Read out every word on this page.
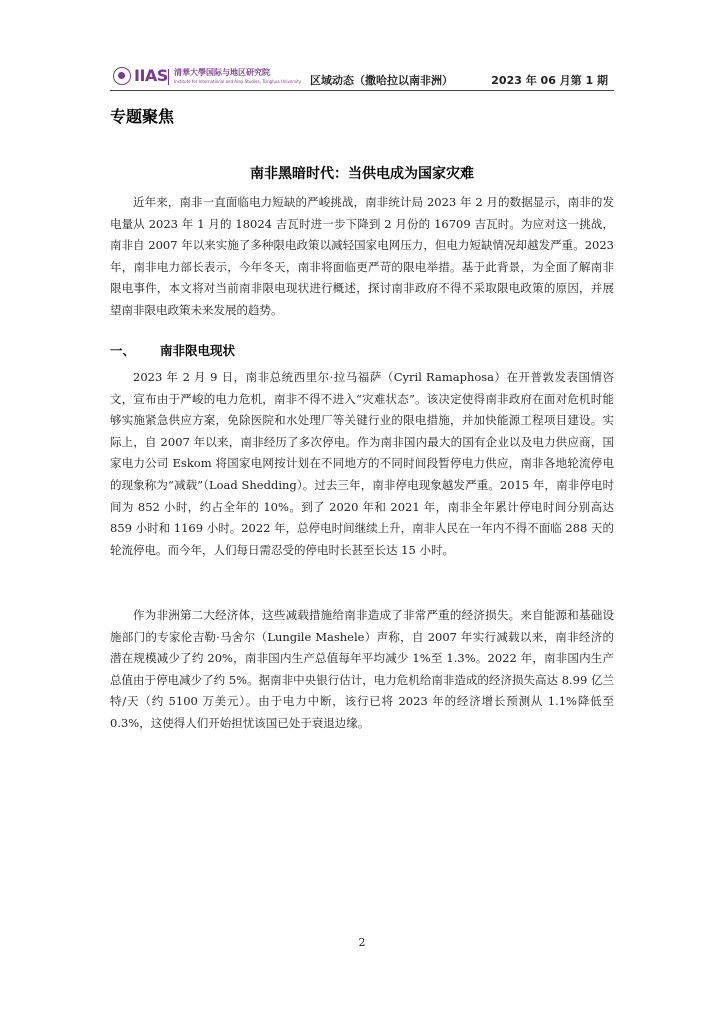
IIAS 清華大學国际与地区研究院
Institute for International and Area Studies, Tsinghua University 区域动态（撒哈拉以南非洲）	2023 年 06 月第 1 期
专题聚焦
南非黑暗时代：当供电成为国家灾难

近年来，南非一直面临电力短缺的严峻挑战，南非统计局 2023 年 2 月的数据显示，南非的发电量从 2023 年 1 月的 18024 吉瓦时进一步下降到 2 月份的 16709 吉瓦时。为应对这一挑战，南非自 2007 年以来实施了多种限电政策以减轻国家电网压力，但电力短缺情况却越发严重。2023 年，南非电力部长表示，今年冬天，南非将面临更严苛的限电举措。基于此背景，为全面了解南非限电事件，本文将对当前南非限电现状进行概述，探讨南非政府不得不采取限电政策的原因，并展望南非限电政策未来发展的趋势。

一、 南非限电现状

2023 年 2 月 9 日，南非总统西里尔·拉马福萨（Cyril Ramaphosa）在开普敦发表国情咨文，宣布由于严峻的电力危机，南非不得不进入“灾难状态”。该决定使得南非政府在面对危机时能够实施紧急供应方案，免除医院和水处理厂等关键行业的限电措施，并加快能源工程项目建设。实际上，自 2007 年以来，南非经历了多次停电。作为南非国内最大的国有企业以及电力供应商，国家电力公司 Eskom 将国家电网按计划在不同地方的不同时间段暂停电力供应，南非各地轮流停电的现象称为“减载”（Load Shedding）。过去三年，南非停电现象越发严重。2015 年，南非停电时间为 852 小时，约占全年的 10%。到了 2020 年和 2021 年，南非全年累计停电时间分别高达 859 小时和 1169 小时。2022 年，总停电时间继续上升，南非人民在一年内不得不面临 288 天的轮流停电。而今年，人们每日需忍受的停电时长甚至长达 15 小时。

作为非洲第二大经济体，这些减载措施给南非造成了非常严重的经济损失。来自能源和基础设施部门的专家伦吉勒·马舍尔（Lungile Mashele）声称，自 2007 年实行减载以来，南非经济的潜在规模减少了约 20%，南非国内生产总值每年平均减少 1%至 1.3%。2022 年，南非国内生产总值由于停电减少了约 5%。据南非中央银行估计，电力危机给南非造成的经济损失高达 8.99 亿兰特/天（约 5100 万美元）。由于电力中断，该行已将 2023 年的经济增长预测从 1.1%降低至 0.3%，这使得人们开始担忧该国已处于衰退边缘。

2
